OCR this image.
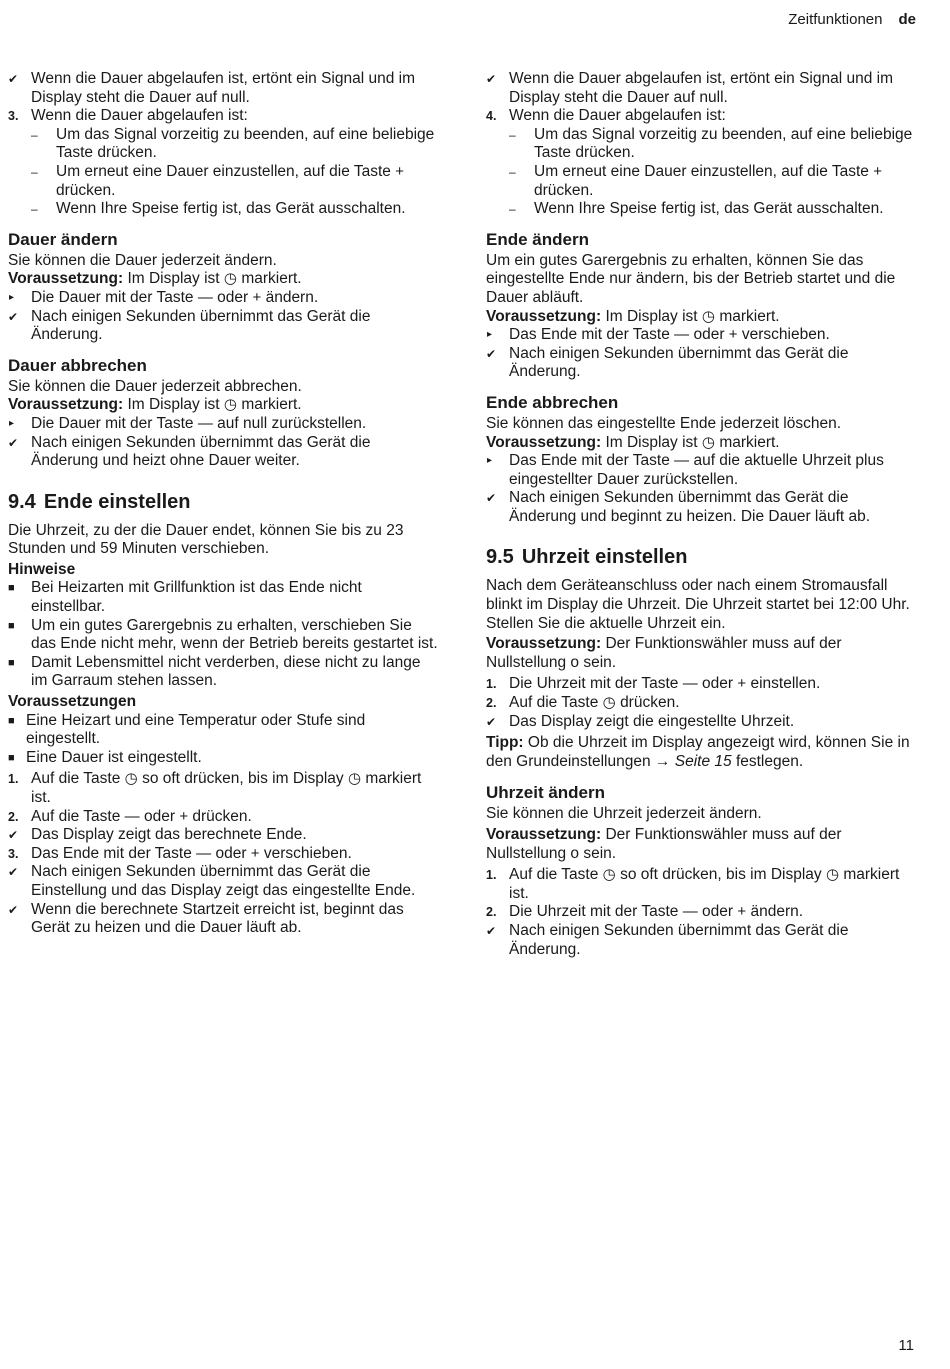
Zeitfunktionen de
✔ Wenn die Dauer abgelaufen ist, ertönt ein Signal und im Display steht die Dauer auf null.
3. Wenn die Dauer abgelaufen ist:
–	Um das Signal vorzeitig zu beenden, auf eine beliebige Taste drücken.
–	Um erneut eine Dauer einzustellen, auf die Taste + drücken.
–	Wenn Ihre Speise fertig ist, das Gerät ausschalten.
Dauer ändern
Sie können die Dauer jederzeit ändern.
Voraussetzung: Im Display ist ◷ markiert.
▸	Die Dauer mit der Taste — oder + ändern.
✔ Nach einigen Sekunden übernimmt das Gerät die Änderung.
Dauer abbrechen
Sie können die Dauer jederzeit abbrechen.
Voraussetzung: Im Display ist ◷ markiert.
▸	Die Dauer mit der Taste — auf null zurückstellen.
✔ Nach einigen Sekunden übernimmt das Gerät die Änderung und heizt ohne Dauer weiter.
9.4 Ende einstellen
Die Uhrzeit, zu der die Dauer endet, können Sie bis zu 23 Stunden und 59 Minuten verschieben.
Hinweise
■	Bei Heizarten mit Grillfunktion ist das Ende nicht einstellbar.
■	Um ein gutes Garergebnis zu erhalten, verschieben Sie das Ende nicht mehr, wenn der Betrieb bereits gestartet ist.
■	Damit Lebensmittel nicht verderben, diese nicht zu lange im Garraum stehen lassen.
Voraussetzungen
■ Eine Heizart und eine Temperatur oder Stufe sind eingestellt.
■ Eine Dauer ist eingestellt.
1. Auf die Taste ◷ so oft drücken, bis im Display ◷ markiert ist.
2. Auf die Taste — oder + drücken.
✔ Das Display zeigt das berechnete Ende.
3. Das Ende mit der Taste — oder + verschieben.
✔ Nach einigen Sekunden übernimmt das Gerät die Einstellung und das Display zeigt das eingestellte Ende.
✔ Wenn die berechnete Startzeit erreicht ist, beginnt das Gerät zu heizen und die Dauer läuft ab.
✔ Wenn die Dauer abgelaufen ist, ertönt ein Signal und im Display steht die Dauer auf null.
4. Wenn die Dauer abgelaufen ist:
–	Um das Signal vorzeitig zu beenden, auf eine beliebige Taste drücken.
–	Um erneut eine Dauer einzustellen, auf die Taste + drücken.
–	Wenn Ihre Speise fertig ist, das Gerät ausschalten.
Ende ändern
Um ein gutes Garergebnis zu erhalten, können Sie das eingestellte Ende nur ändern, bis der Betrieb startet und die Dauer abläuft.
Voraussetzung: Im Display ist ◷ markiert.
▸	Das Ende mit der Taste — oder + verschieben.
✔ Nach einigen Sekunden übernimmt das Gerät die Änderung.
Ende abbrechen
Sie können das eingestellte Ende jederzeit löschen.
Voraussetzung: Im Display ist ◷ markiert.
▸	Das Ende mit der Taste — auf die aktuelle Uhrzeit plus eingestellter Dauer zurückstellen.
✔ Nach einigen Sekunden übernimmt das Gerät die Änderung und beginnt zu heizen. Die Dauer läuft ab.
9.5 Uhrzeit einstellen
Nach dem Geräteanschluss oder nach einem Stromausfall blinkt im Display die Uhrzeit. Die Uhrzeit startet bei 12:00 Uhr. Stellen Sie die aktuelle Uhrzeit ein.
Voraussetzung: Der Funktionswähler muss auf der Nullstellung o sein.
1. Die Uhrzeit mit der Taste — oder + einstellen.
2. Auf die Taste ◷ drücken.
✔ Das Display zeigt die eingestellte Uhrzeit.
Tipp: Ob die Uhrzeit im Display angezeigt wird, können Sie in den Grundeinstellungen → Seite 15 festlegen.
Uhrzeit ändern
Sie können die Uhrzeit jederzeit ändern.
Voraussetzung: Der Funktionswähler muss auf der Nullstellung o sein.
1. Auf die Taste ◷ so oft drücken, bis im Display ◷ markiert ist.
2. Die Uhrzeit mit der Taste — oder + ändern.
✔ Nach einigen Sekunden übernimmt das Gerät die Änderung.
11
